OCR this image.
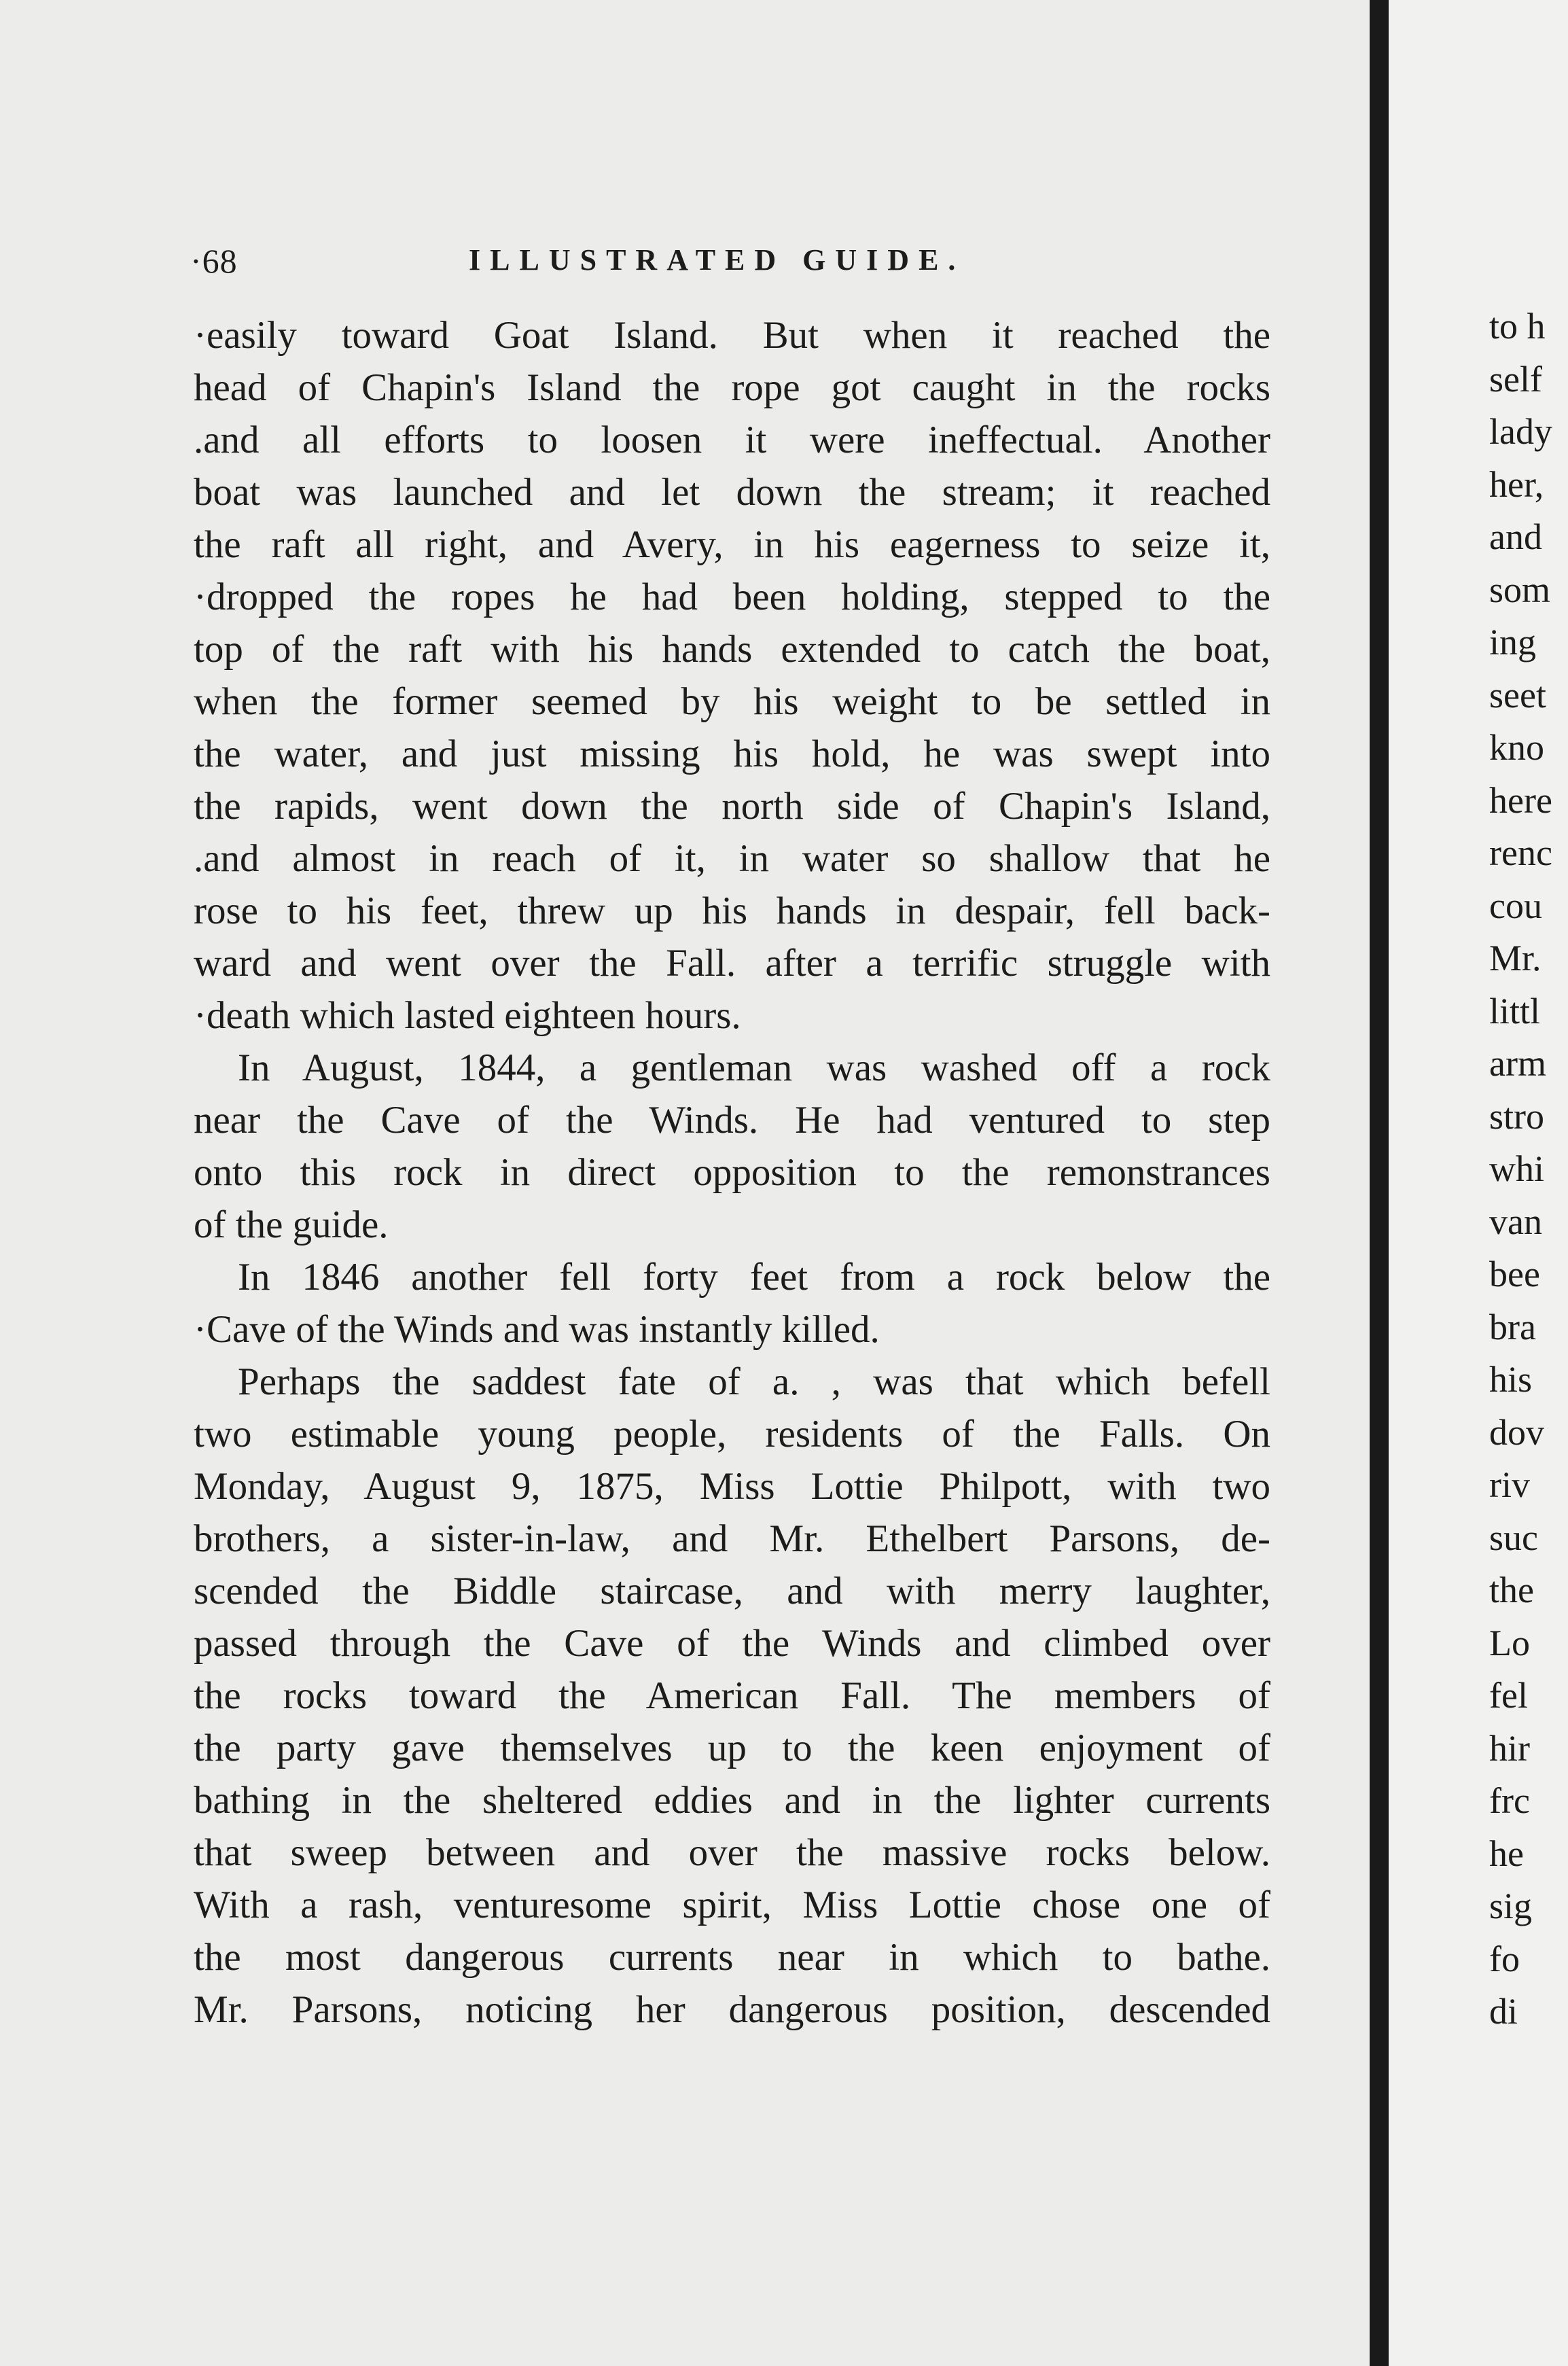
·68	ILLUSTRATED GUIDE.
·easily toward Goat Island. But when it reached the
head of Chapin's Island the rope got caught in the rocks
.and all efforts to loosen it were ineffectual. Another
boat was launched and let down the stream; it reached
the raft all right, and Avery, in his eagerness to seize it,
·dropped the ropes he had been holding, stepped to the
top of the raft with his hands extended to catch the boat,
when the former seemed by his weight to be settled in
the water, and just missing his hold, he was swept into
the rapids, went down the north side of Chapin's Island,
.and almost in reach of it, in water so shallow that he
rose to his feet, threw up his hands in despair, fell back-
ward and went over the Fall. after a terrific struggle with
·death which lasted eighteen hours.
In August, 1844, a gentleman was washed off a rock
near the Cave of the Winds. He had ventured to step
onto this rock in direct opposition to the remonstrances
of the guide.
In 1846 another fell forty feet from a rock below the
·Cave of the Winds and was instantly killed.
Perhaps the saddest fate of a. , was that which befell
two estimable young people, residents of the Falls. On
Monday, August 9, 1875, Miss Lottie Philpott, with two
brothers, a sister-in-law, and Mr. Ethelbert Parsons, de-
scended the Biddle staircase, and with merry laughter,
passed through the Cave of the Winds and climbed over
the rocks toward the American Fall. The members of
the party gave themselves up to the keen enjoyment of
bathing in the sheltered eddies and in the lighter currents
that sweep between and over the massive rocks below.
With a rash, venturesome spirit, Miss Lottie chose one of
the most dangerous currents near in which to bathe.
Mr. Parsons, noticing her dangerous position, descended
to h
self
lady
her,
and
som
ing
seet
kno
here
renc
cou
Mr.
littl
arm
stro
whi
van
bee
bra
his
dov
riv
suc
the
Lo
fel
hir
frc
he
sig
fo
di
